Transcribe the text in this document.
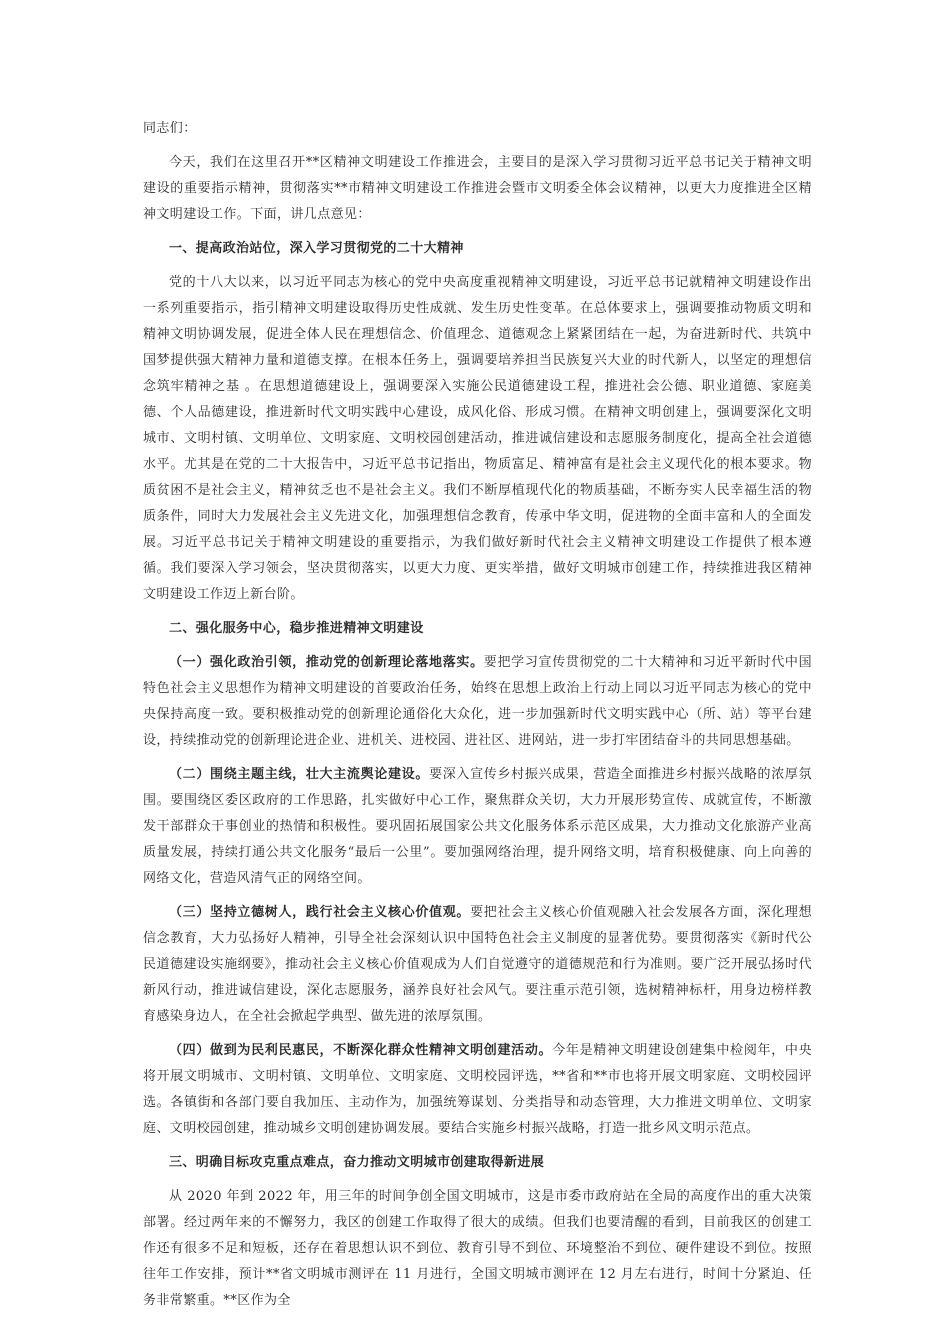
同志们：

今天，我们在这里召开**区精神文明建设工作推进会，主要目的是深入学习贯彻习近平总书记关于精神文明建设的重要指示精神，贯彻落实**市精神文明建设工作推进会暨市文明委全体会议精神，以更大力度推进全区精神文明建设工作。下面，讲几点意见：

一、提高政治站位，深入学习贯彻党的二十大精神

党的十八大以来，以习近平同志为核心的党中央高度重视精神文明建设，习近平总书记就精神文明建设作出一系列重要指示，指引精神文明建设取得历史性成就、发生历史性变革。在总体要求上，强调要推动物质文明和精神文明协调发展，促进全体人民在理想信念、价值理念、道德观念上紧紧团结在一起，为奋进新时代、共筑中国梦提供强大精神力量和道德支撑。在根本任务上，强调要培养担当民族复兴大业的时代新人，以坚定的理想信念筑牢精神之基 。在思想道德建设上，强调要深入实施公民道德建设工程，推进社会公德、职业道德、家庭美德、个人品德建设，推进新时代文明实践中心建设，成风化俗、形成习惯。在精神文明创建上，强调要深化文明城市、文明村镇、文明单位、文明家庭、文明校园创建活动，推进诚信建设和志愿服务制度化，提高全社会道德水平。尤其是在党的二十大报告中，习近平总书记指出，物质富足、精神富有是社会主义现代化的根本要求。物质贫困不是社会主义，精神贫乏也不是社会主义。我们不断厚植现代化的物质基础，不断夯实人民幸福生活的物质条件，同时大力发展社会主义先进文化，加强理想信念教育，传承中华文明，促进物的全面丰富和人的全面发展。习近平总书记关于精神文明建设的重要指示，为我们做好新时代社会主义精神文明建设工作提供了根本遵循。我们要深入学习领会，坚决贯彻落实，以更大力度、更实举措，做好文明城市创建工作，持续推进我区精神文明建设工作迈上新台阶。

二、强化服务中心，稳步推进精神文明建设

（一）强化政治引领，推动党的创新理论落地落实。要把学习宣传贯彻党的二十大精神和习近平新时代中国特色社会主义思想作为精神文明建设的首要政治任务，始终在思想上政治上行动上同以习近平同志为核心的党中央保持高度一致。要积极推动党的创新理论通俗化大众化，进一步加强新时代文明实践中心（所、站）等平台建设，持续推动党的创新理论进企业、进机关、进校园、进社区、进网站，进一步打牢团结奋斗的共同思想基础。

（二）围绕主题主线，壮大主流舆论建设。要深入宣传乡村振兴成果，营造全面推进乡村振兴战略的浓厚氛围。要围绕区委区政府的工作思路，扎实做好中心工作，聚焦群众关切，大力开展形势宣传、成就宣传，不断激发干部群众干事创业的热情和积极性。要巩固拓展国家公共文化服务体系示范区成果，大力推动文化旅游产业高质量发展，持续打通公共文化服务“最后一公里”。要加强网络治理，提升网络文明，培育积极健康、向上向善的网络文化，营造风清气正的网络空间。

（三）坚持立德树人，践行社会主义核心价值观。要把社会主义核心价值观融入社会发展各方面，深化理想信念教育，大力弘扬好人精神，引导全社会深刻认识中国特色社会主义制度的显著优势。要贯彻落实《新时代公民道德建设实施纲要》，推动社会主义核心价值观成为人们自觉遵守的道德规范和行为准则。要广泛开展弘扬时代新风行动，推进诚信建设，深化志愿服务，涵养良好社会风气。要注重示范引领，选树精神标杆，用身边榜样教育感染身边人，在全社会掀起学典型、做先进的浓厚氛围。

（四）做到为民利民惠民，不断深化群众性精神文明创建活动。今年是精神文明建设创建集中检阅年，中央将开展文明城市、文明村镇、文明单位、文明家庭、文明校园评选，**省和**市也将开展文明家庭、文明校园评选。各镇街和各部门要自我加压、主动作为，加强统筹谋划、分类指导和动态管理，大力推进文明单位、文明家庭、文明校园创建，推动城乡文明创建协调发展。要结合实施乡村振兴战略，打造一批乡风文明示范点。

三、明确目标攻克重点难点，奋力推动文明城市创建取得新进展

从 2020 年到 2022 年，用三年的时间争创全国文明城市，这是市委市政府站在全局的高度作出的重大决策部署。经过两年来的不懈努力，我区的创建工作取得了很大的成绩。但我们也要清醒的看到，目前我区的创建工作还有很多不足和短板，还存在着思想认识不到位、教育引导不到位、环境整治不到位、硬件建设不到位。按照往年工作安排，预计**省文明城市测评在 11 月进行，全国文明城市测评在 12 月左右进行，时间十分紧迫、任务非常繁重。**区作为全
